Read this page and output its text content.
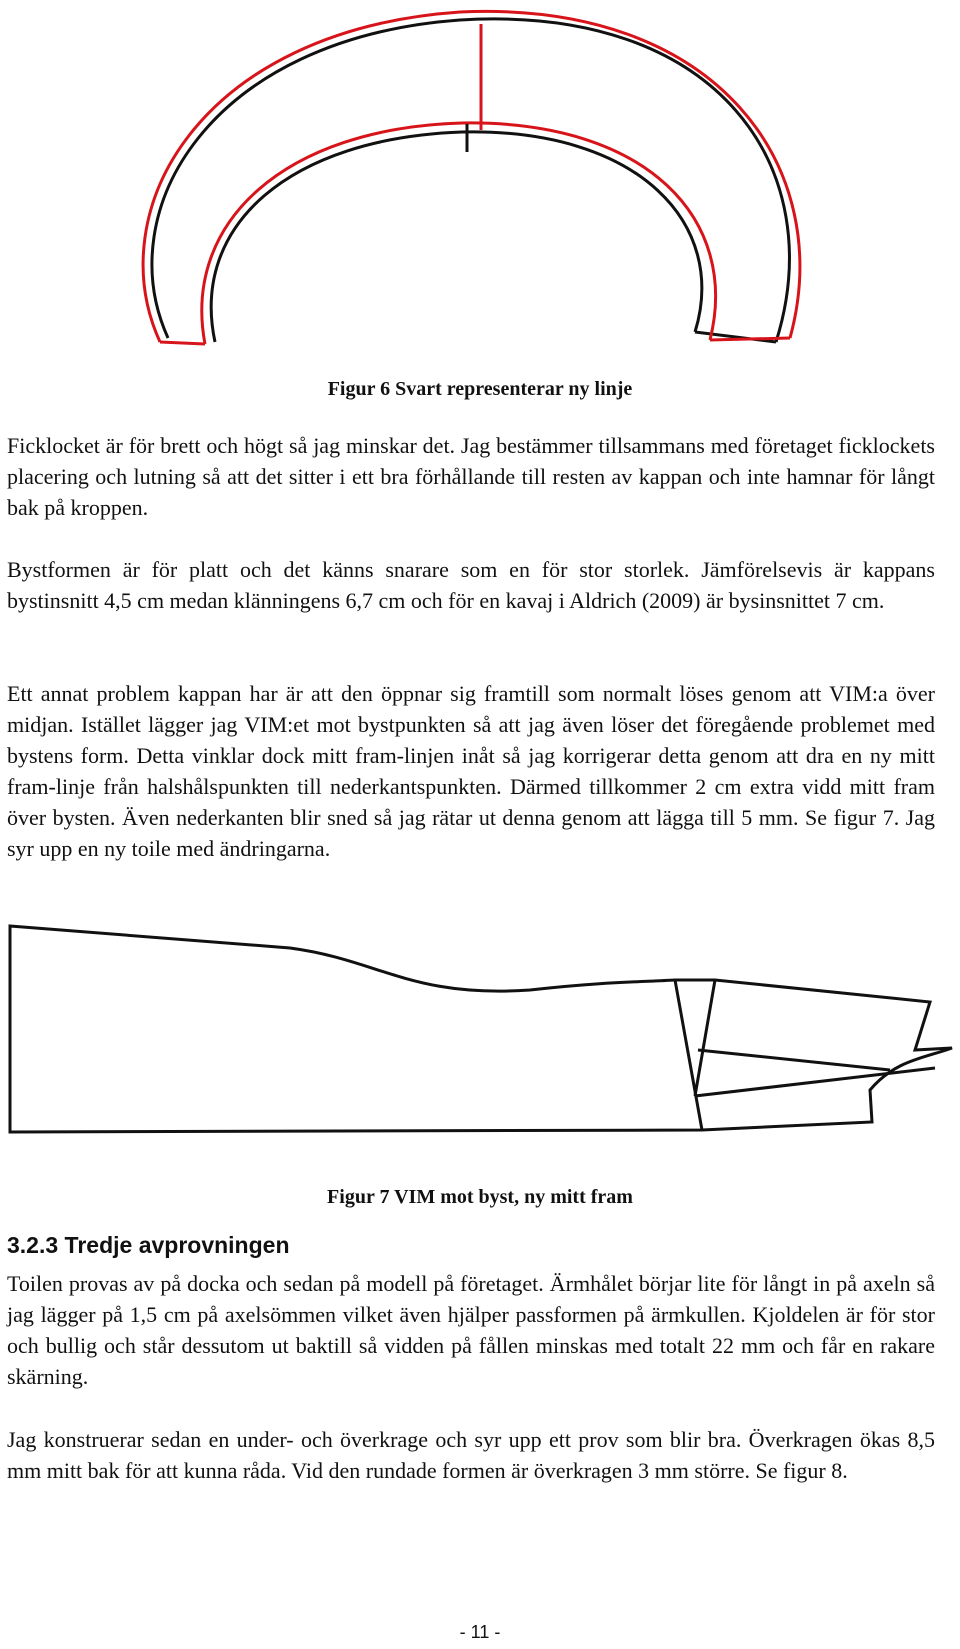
Figur 6 Svart representerar ny linje

Ficklocket är för brett och högt så jag minskar det. Jag bestämmer tillsammans med företaget ficklockets placering och lutning så att det sitter i ett bra förhållande till resten av kappan och inte hamnar för långt bak på kroppen.

Bystformen är för platt och det känns snarare som en för stor storlek. Jämförelsevis är kappans bystinsnitt 4,5 cm medan klänningens 6,7 cm och för en kavaj i Aldrich (2009) är bysinsnittet 7 cm.

Ett annat problem kappan har är att den öppnar sig framtill som normalt löses genom att VIM:a över midjan. Istället lägger jag VIM:et mot bystpunkten så att jag även löser det föregående problemet med bystens form. Detta vinklar dock mitt fram-linjen inåt så jag korrigerar detta genom att dra en ny mitt fram-linje från halshålspunkten till nederkantspunkten. Därmed tillkommer 2 cm extra vidd mitt fram över bysten. Även nederkanten blir sned så jag rätar ut denna genom att lägga till 5 mm. Se figur 7. Jag syr upp en ny toile med ändringarna.

Figur 7 VIM mot byst, ny mitt fram
3.2.3 Tredje avprovningen

Toilen provas av på docka och sedan på modell på företaget. Ärmhålet börjar lite för långt in på axeln så jag lägger på 1,5 cm på axelsömmen vilket även hjälper passformen på ärmkullen. Kjoldelen är för stor och bullig och står dessutom ut baktill så vidden på fållen minskas med totalt 22 mm och får en rakare skärning.

Jag konstruerar sedan en under- och överkrage och syr upp ett prov som blir bra. Överkragen ökas 8,5 mm mitt bak för att kunna råda. Vid den rundade formen är överkragen 3 mm större. Se figur 8.

- 11 -
